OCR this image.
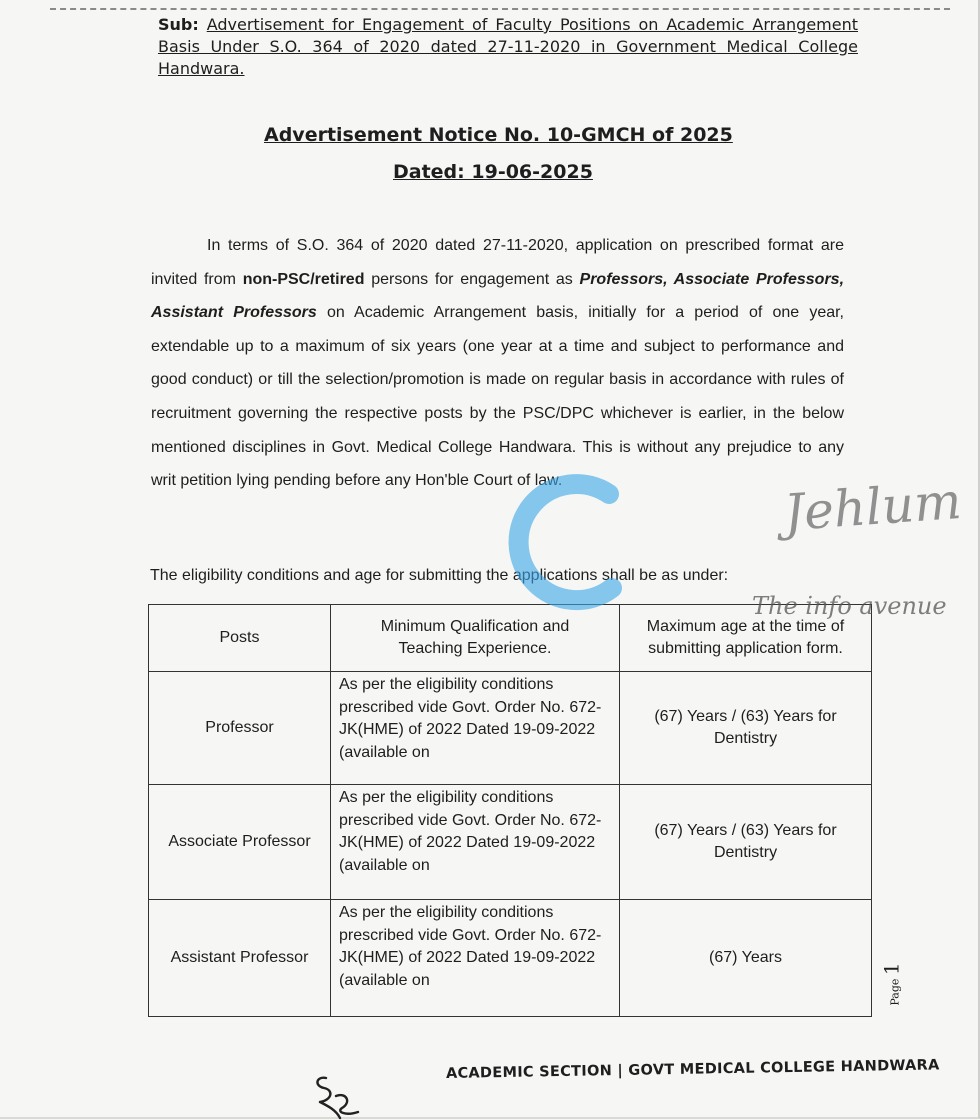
Sub: Advertisement for Engagement of Faculty Positions on Academic Arrangement Basis Under S.O. 364 of 2020 dated 27-11-2020 in Government Medical College Handwara.
Advertisement Notice No. 10-GMCH of 2025
Dated: 19-06-2025
In terms of S.O. 364 of 2020 dated 27-11-2020, application on prescribed format are invited from non-PSC/retired persons for engagement as Professors, Associate Professors, Assistant Professors on Academic Arrangement basis, initially for a period of one year, extendable up to a maximum of six years (one year at a time and subject to performance and good conduct) or till the selection/promotion is made on regular basis in accordance with rules of recruitment governing the respective posts by the PSC/DPC whichever is earlier, in the below mentioned disciplines in Govt. Medical College Handwara. This is without any prejudice to any writ petition lying pending before any Hon'ble Court of law.
The eligibility conditions and age for submitting the applications shall be as under:
Posts	Minimum Qualification and Teaching Experience.	Maximum age at the time of submitting application form.
Professor	As per the eligibility conditions prescribed vide Govt. Order No. 672-JK(HME) of 2022 Dated 19-09-2022 (available on	(67) Years / (63) Years for Dentistry
Associate Professor	As per the eligibility conditions prescribed vide Govt. Order No. 672-JK(HME) of 2022 Dated 19-09-2022 (available on	(67) Years / (63) Years for Dentistry
Assistant Professor	As per the eligibility conditions prescribed vide Govt. Order No. 672-JK(HME) of 2022 Dated 19-09-2022 (available on	(67) Years
Page 1
ACADEMIC SECTION | GOVT MEDICAL COLLEGE HANDWARA
Jehlum
The info avenue
